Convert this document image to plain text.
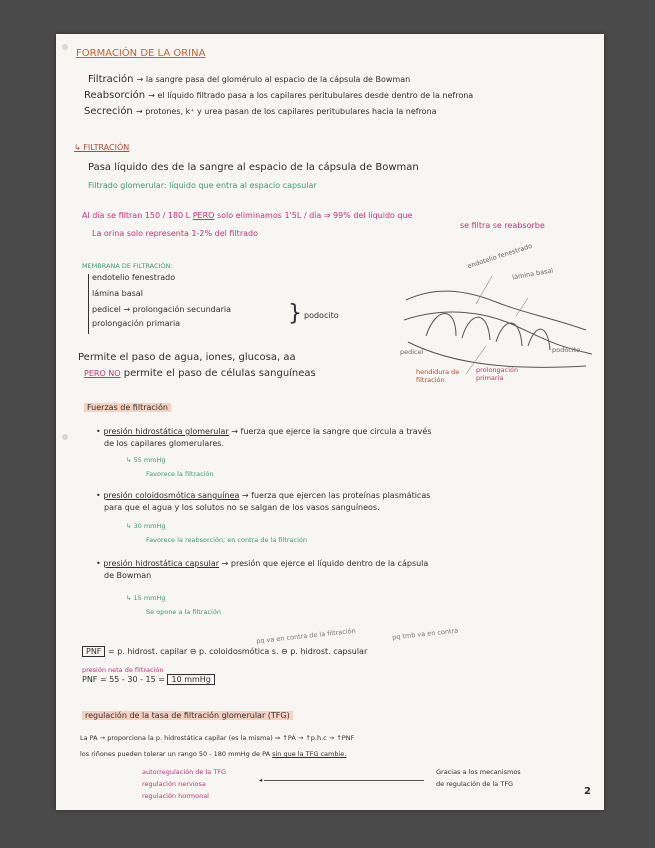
FORMACIÓN DE LA ORINA
Filtración → la sangre pasa del glomérulo al espacio de la cápsula de Bowman
Reabsorción → el líquido filtrado pasa a los capilares peritubulares desde dentro de la nefrona
Secreción → protones, k⁺ y urea pasan de los capilares peritubulares hacia la nefrona
↳ FILTRACIÓN
Pasa líquido des de la sangre al espacio de la cápsula de Bowman
Filtrado glomerular: líquido que entra al espacio capsular
Al día se filtran 150 / 180 L PERO solo eliminamos 1'5L / día ⇒ 99% del líquido que
se filtra se reabsorbe
La orina solo representa 1-2% del filtrado
MEMBRANA DE FILTRACIÓN:
endotelio fenestrado
lámina basal
pedicel → prolongación secundaria
prolongación primaria	} podocito
endotelio fenestrado
lámina basal
pedicel	podocito
hendidura de filtración
prolongación primaria
Permite el paso de agua, iones, glucosa, aa
PERO NO permite el paso de células sanguíneas
Fuerzas de filtración
• presión hidrostática glomerular → fuerza que ejerce la sangre que circula a través
de los capilares glomerulares.
↳ 55 mmHg
Favorece la filtración
• presión coloidosmótica sanguínea → fuerza que ejercen las proteínas plasmáticas
para que el agua y los solutos no se salgan de los vasos sanguíneos.
↳ 30 mmHg
Favorece la reabsorción; en contra de la filtración
• presión hidrostática capsular → presión que ejerce el líquido dentro de la cápsula
de Bowman
↳ 15 mmHg
Se opone a la filtración
pq va en contra de la filtración	pq tmb va en contra
PNF = p. hidrost. capilar ⊖ p. coloidosmótica s. ⊖ p. hidrost. capsular
presión neta de filtración
PNF = 55 - 30 - 15 = 10 mmHg
regulación de la tasa de filtración glomerular (TFG)
La PA → proporciona la p. hidrostática capilar (es la misma) ⇒ ↑PA → ↑p.h.c → ↑PNF
los riñones pueden tolerar un rango 50 - 180 mmHg de PA sin que la TFG cambie.
autorregulación de la TFG
regulación nerviosa
regulación hormonal
◂
Gracias a los mecanismos
de regulación de la TFG
2
